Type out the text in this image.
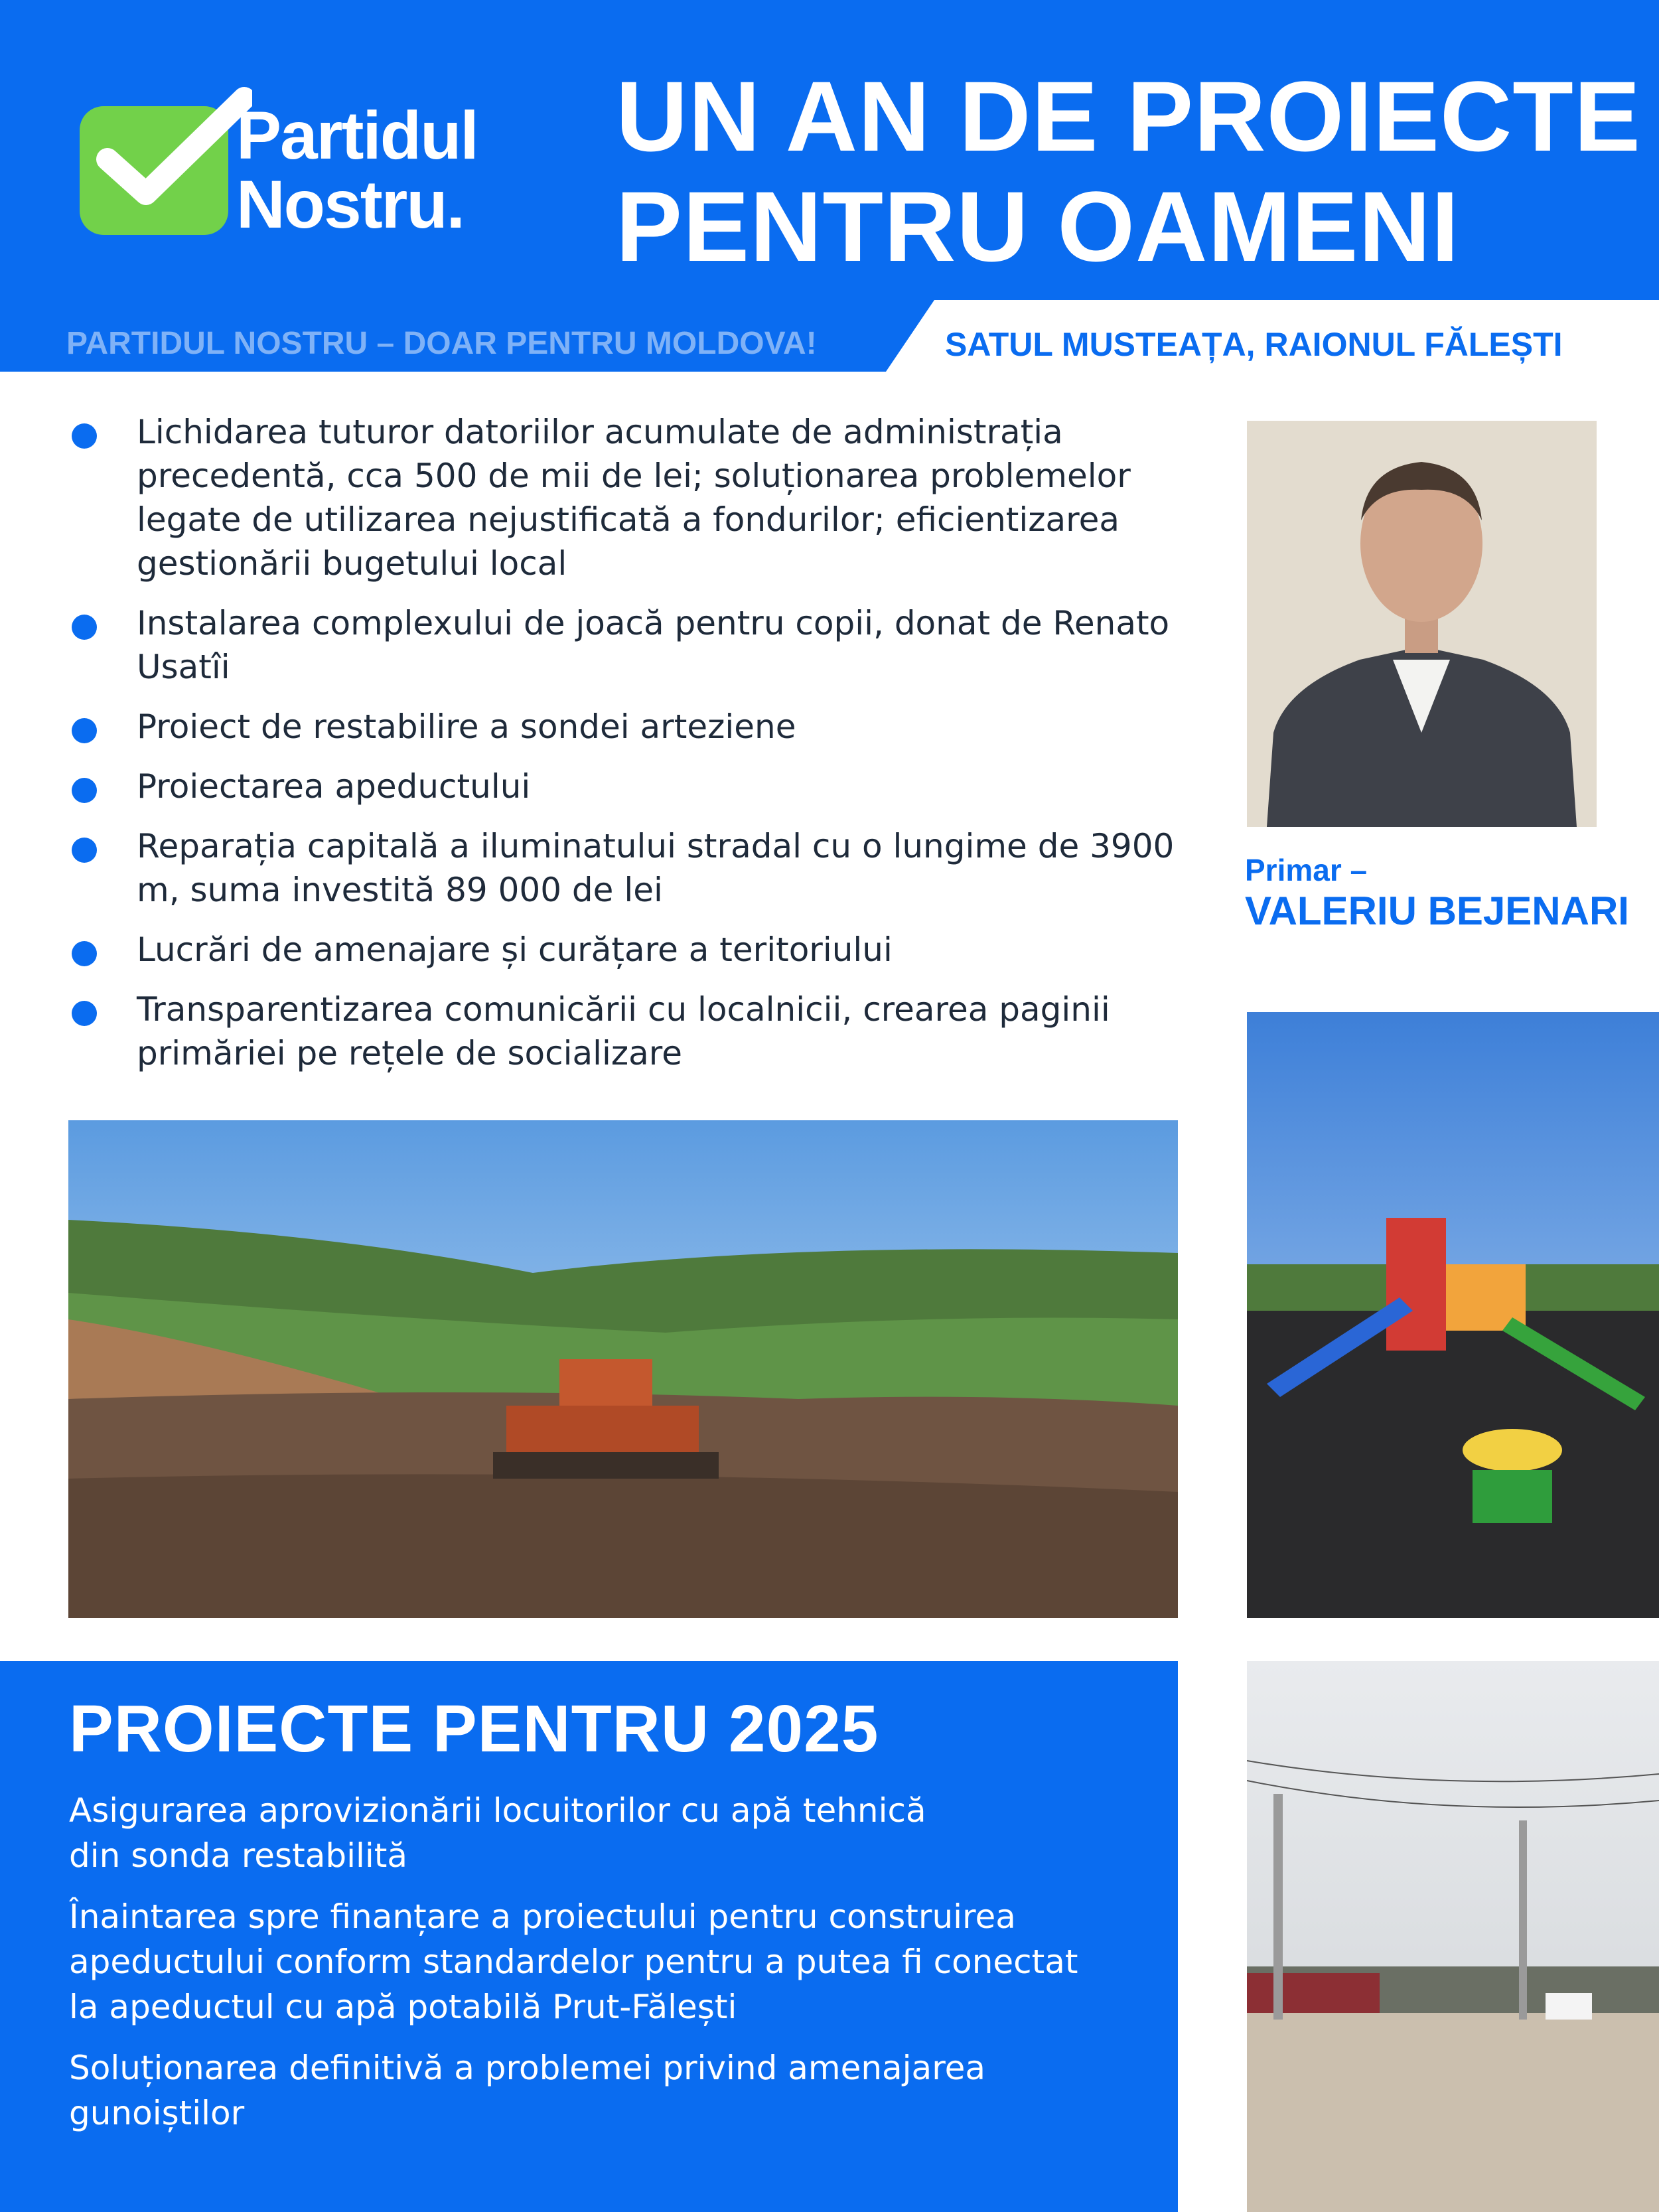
Partidul
Nostru.
UN AN DE PROIECTE
PENTRU OAMENI
PARTIDUL NOSTRU – DOAR PENTRU MOLDOVA!	SATUL MUSTEAȚA, RAIONUL FĂLEȘTI
Lichidarea tuturor datoriilor acumulate de administrația precedentă, cca 500 de mii de lei; soluționarea problemelor legate de utilizarea nejustificată a fondurilor; eficientizarea gestionării bugetului local
Instalarea complexului de joacă pentru copii, donat de Renato Usatîi
Proiect de restabilire a sondei arteziene
Proiectarea apeductului
Reparația capitală a iluminatului stradal cu o lungime de 3900 m, suma investită 89 000 de lei
Lucrări de amenajare și curățare a teritoriului
Transparentizarea comunicării cu localnicii, crearea paginii primăriei pe rețele de socializare
Primar –
VALERIU BEJENARI
PROIECTE PENTRU 2025
Asigurarea aprovizionării locuitorilor cu apă tehnică din sonda restabilită
Înaintarea spre finanțare a proiectului pentru construirea apeductului conform standardelor pentru a putea fi conectat la apeductul cu apă potabilă Prut-Fălești
Soluționarea definitivă a problemei privind amenajarea gunoiștilor
